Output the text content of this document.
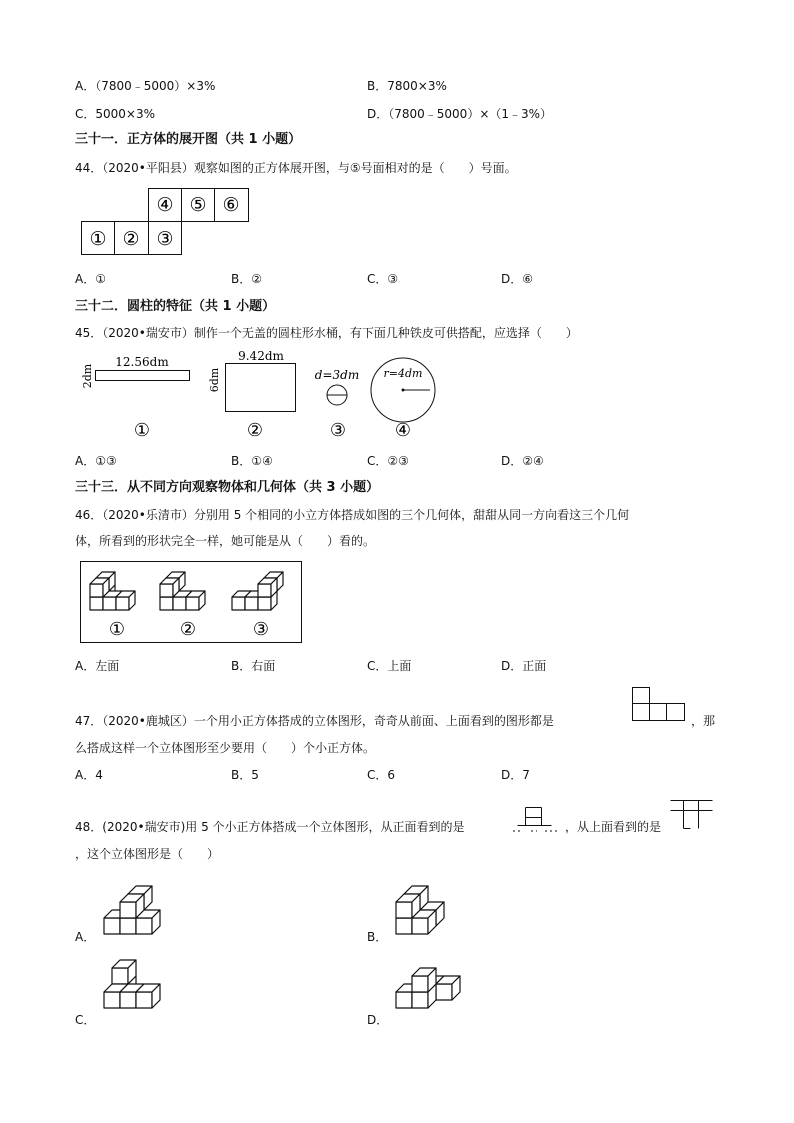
A．（7800﹣5000）×3%	B．7800×3%
C．5000×3%	D．（7800﹣5000）×（1﹣3%）
三十一．正方体的展开图（共 1 小题）
44．（2020•平阳县）观察如图的正方体展开图，与⑤号面相对的是（　　）号面。
④ ⑤ ⑥
① ② ③
A．①	B．②	C．③	D．⑥
三十二．圆柱的特征（共 1 小题）
45．（2020•瑞安市）制作一个无盖的圆柱形水桶，有下面几种铁皮可供搭配，应选择（　　）
12.56dm
2dm
①
9.42dm
6dm
②
d=3dm
③
r=4dm
④
A．①③	B．①④	C．②③	D．②④
三十三．从不同方向观察物体和几何体（共 3 小题）
46．（2020•乐清市）分别用 5 个相同的小立方体搭成如图的三个几何体，甜甜从同一方向看这三个几何
体，所看到的形状完全一样，她可能是从（　　）看的。
①	②	③
A．左面	B．右面	C．上面	D．正面
47．（2020•鹿城区）一个用小正方体搭成的立体图形，奇奇从前面、上面看到的图形都是	，那
么搭成这样一个立体图形至少要用（　　）个小正方体。
A．4	B．5	C．6	D．7
48．(2020•瑞安市)用 5 个小正方体搭成一个立体图形，从正面看到的是	，从上面看到的是
，这个立体图形是（　　）
A．	B．
C．	D．
